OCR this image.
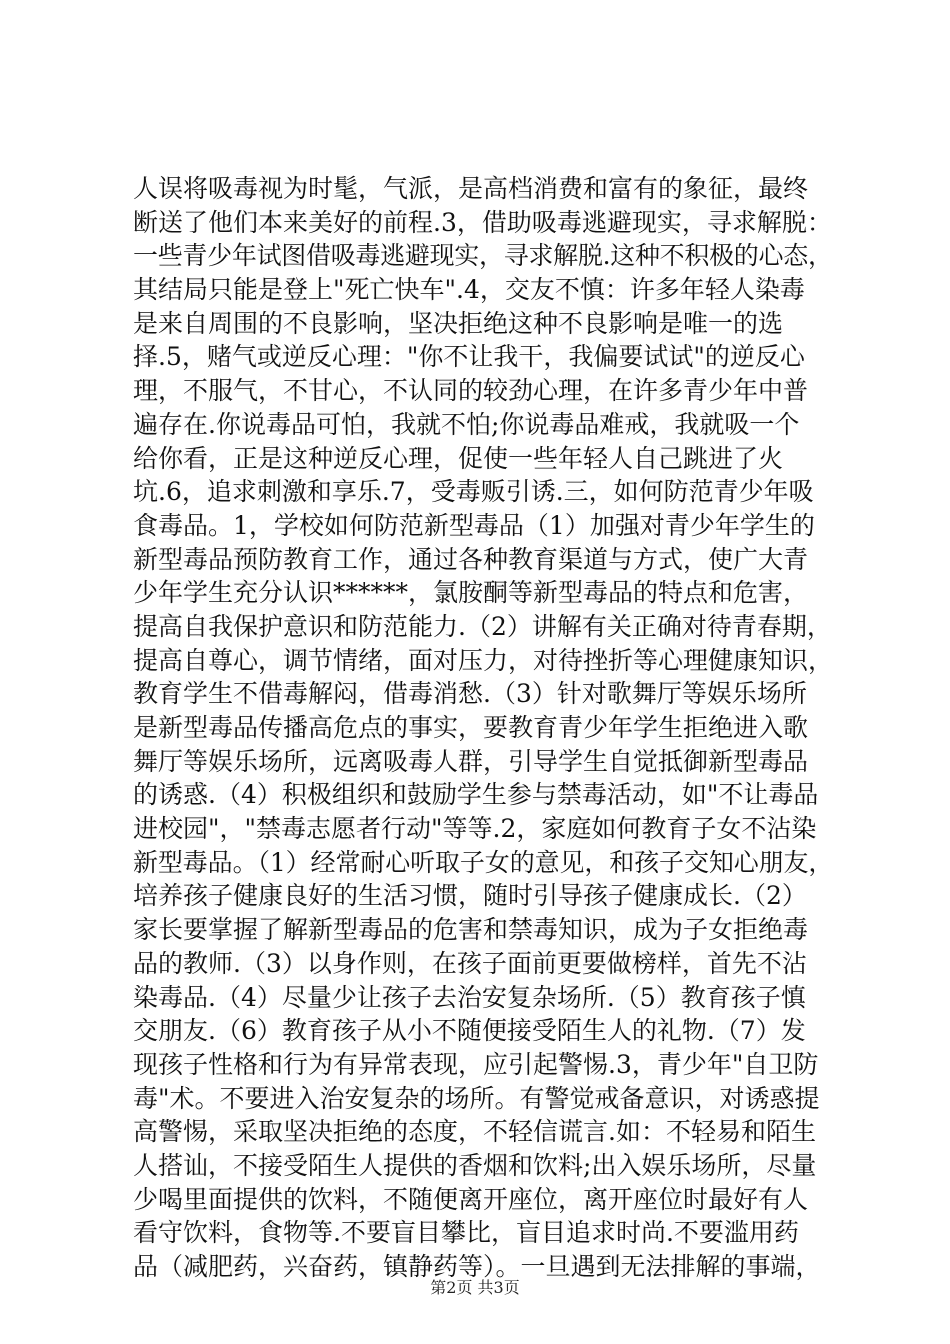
人误将吸毒视为时髦，气派，是高档消费和富有的象征，最终
断送了他们本来美好的前程.3，借助吸毒逃避现实，寻求解脱：
一些青少年试图借吸毒逃避现实，寻求解脱.这种不积极的心态，
其结局只能是登上"死亡快车".4，交友不慎：许多年轻人染毒
是来自周围的不良影响，坚决拒绝这种不良影响是唯一的选
择.5，赌气或逆反心理："你不让我干，我偏要试试"的逆反心
理，不服气，不甘心，不认同的较劲心理，在许多青少年中普
遍存在.你说毒品可怕，我就不怕;你说毒品难戒，我就吸一个
给你看，正是这种逆反心理，促使一些年轻人自己跳进了火
坑.6，追求刺激和享乐.7，受毒贩引诱.三，如何防范青少年吸
食毒品。1，学校如何防范新型毒品（1）加强对青少年学生的
新型毒品预防教育工作，通过各种教育渠道与方式，使广大青
少年学生充分认识******，氯胺酮等新型毒品的特点和危害，
提高自我保护意识和防范能力.（2）讲解有关正确对待青春期，
提高自尊心，调节情绪，面对压力，对待挫折等心理健康知识，
教育学生不借毒解闷，借毒消愁.（3）针对歌舞厅等娱乐场所
是新型毒品传播高危点的事实，要教育青少年学生拒绝进入歌
舞厅等娱乐场所，远离吸毒人群，引导学生自觉抵御新型毒品
的诱惑.（4）积极组织和鼓励学生参与禁毒活动，如"不让毒品
进校园"，"禁毒志愿者行动"等等.2，家庭如何教育子女不沾染
新型毒品。（1）经常耐心听取子女的意见，和孩子交知心朋友，
培养孩子健康良好的生活习惯，随时引导孩子健康成长.（2）
家长要掌握了解新型毒品的危害和禁毒知识，成为子女拒绝毒
品的教师.（3）以身作则，在孩子面前更要做榜样，首先不沾
染毒品.（4）尽量少让孩子去治安复杂场所.（5）教育孩子慎
交朋友.（6）教育孩子从小不随便接受陌生人的礼物.（7）发
现孩子性格和行为有异常表现，应引起警惕.3，青少年"自卫防
毒"术。不要进入治安复杂的场所。有警觉戒备意识，对诱惑提
高警惕，采取坚决拒绝的态度，不轻信谎言.如：不轻易和陌生
人搭讪，不接受陌生人提供的香烟和饮料;出入娱乐场所，尽量
少喝里面提供的饮料，不随便离开座位，离开座位时最好有人
看守饮料，食物等.不要盲目攀比，盲目追求时尚.不要滥用药
品（减肥药，兴奋药，镇静药等）。一旦遇到无法排解的事端，
第2页 共3页
